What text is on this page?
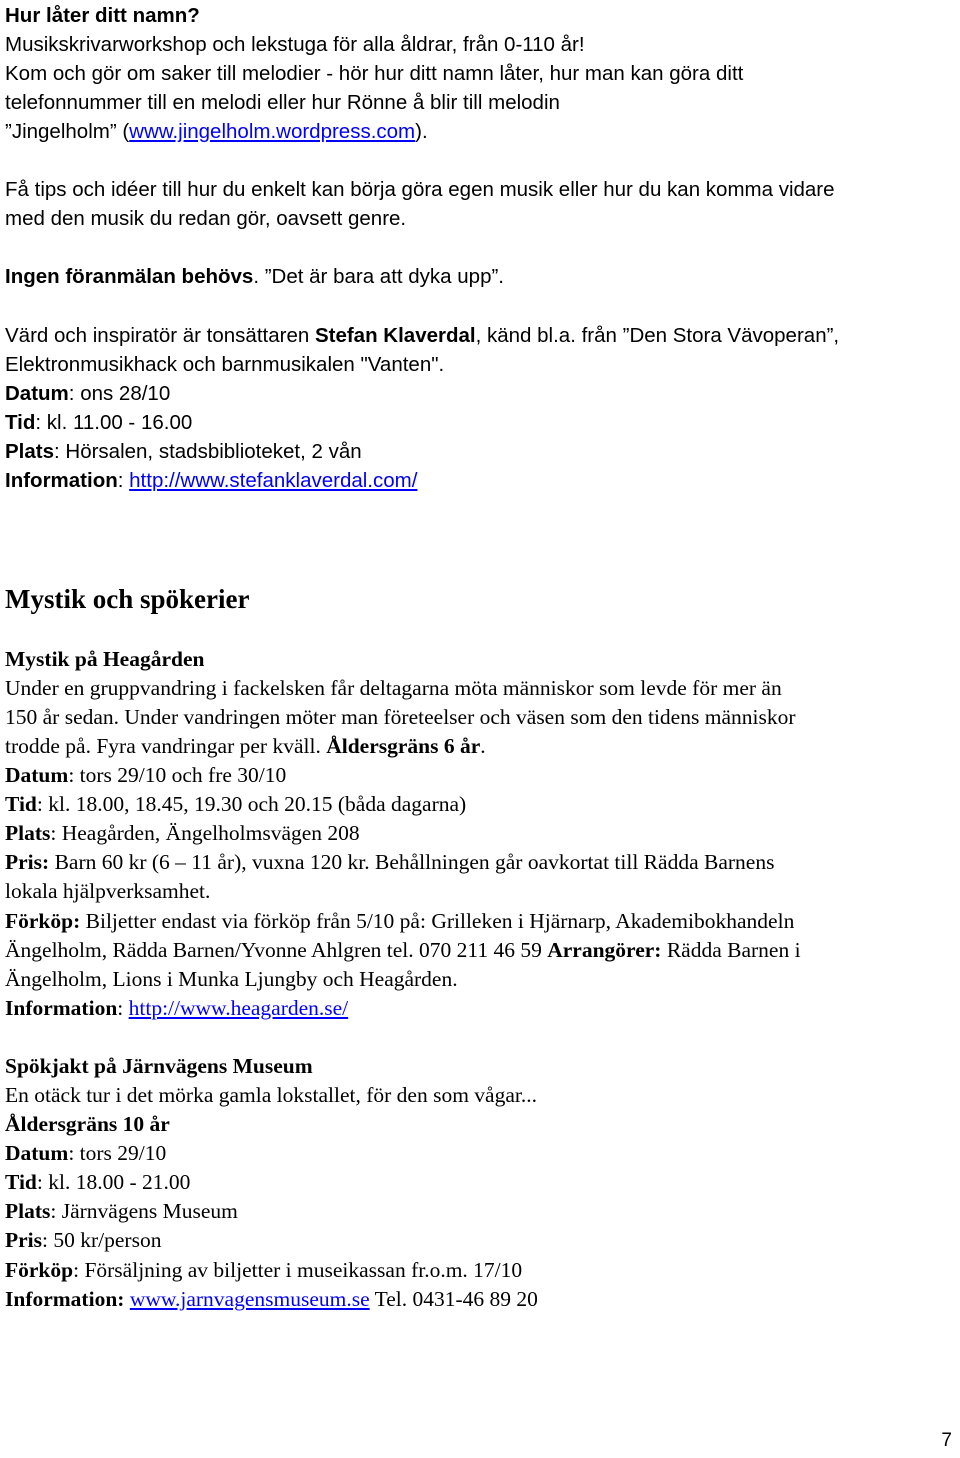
Hur låter ditt namn?
Musikskrivarworkshop och lekstuga för alla åldrar, från 0-110 år!
Kom och gör om saker till melodier - hör hur ditt namn låter, hur man kan göra ditt
telefonnummer till en melodi eller hur Rönne å blir till melodin
”Jingelholm” (www.jingelholm.wordpress.com).
Få tips och idéer till hur du enkelt kan börja göra egen musik eller hur du kan komma vidare
med den musik du redan gör, oavsett genre.
Ingen föranmälan behövs. ”Det är bara att dyka upp”.
Värd och inspiratör är tonsättaren Stefan Klaverdal, känd bl.a. från ”Den Stora Vävoperan”,
Elektronmusikhack och barnmusikalen "Vanten".
Datum: ons 28/10
Tid: kl. 11.00 - 16.00
Plats: Hörsalen, stadsbiblioteket, 2 vån
Information: http://www.stefanklaverdal.com/
Mystik och spökerier
Mystik på Heagården
Under en gruppvandring i fackelsken får deltagarna möta människor som levde för mer än
150 år sedan. Under vandringen möter man företeelser och väsen som den tidens människor
trodde på. Fyra vandringar per kväll. Åldersgräns 6 år.
Datum: tors 29/10 och fre 30/10
Tid: kl. 18.00, 18.45, 19.30 och 20.15 (båda dagarna)
Plats: Heagården, Ängelholmsvägen 208
Pris: Barn 60 kr (6 – 11 år), vuxna 120 kr. Behållningen går oavkortat till Rädda Barnens
lokala hjälpverksamhet.
Förköp: Biljetter endast via förköp från 5/10 på: Grilleken i Hjärnarp, Akademibokhandeln
Ängelholm, Rädda Barnen/Yvonne Ahlgren tel. 070 211 46 59 Arrangörer: Rädda Barnen i
Ängelholm, Lions i Munka Ljungby och Heagården.
Information: http://www.heagarden.se/
Spökjakt på Järnvägens Museum
En otäck tur i det mörka gamla lokstallet, för den som vågar...
Åldersgräns 10 år
Datum: tors 29/10
Tid: kl. 18.00 - 21.00
Plats: Järnvägens Museum
Pris: 50 kr/person
Förköp: Försäljning av biljetter i museikassan fr.o.m. 17/10
Information: www.jarnvagensmuseum.se Tel. 0431-46 89 20
7
